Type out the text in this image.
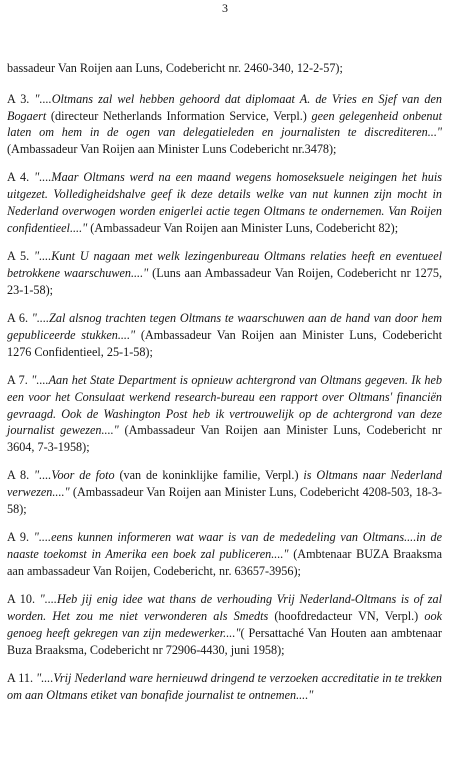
3

bassadeur Van Roijen aan Luns, Codebericht nr. 2460-340, 12-2-57);

A 3. "....Oltmans zal wel hebben gehoord dat diplomaat A. de Vries en Sjef van den Bogaert (directeur Netherlands Information Service, Verpl.) geen gelegenheid onbenut laten om hem in de ogen van delegatieleden en journalisten te discrediteren..." (Ambassadeur Van Roijen aan Minister Luns Codebericht nr.3478);

A 4. "....Maar Oltmans werd na een maand wegens homoseksuele neigingen het huis uitgezet. Volledigheidshalve geef ik deze details welke van nut kunnen zijn mocht in Nederland overwogen worden enigerlei actie tegen Oltmans te ondernemen. Van Roijen confidentieel...." (Ambassadeur Van Roijen aan Minister Luns, Codebericht 82);

A 5. "....Kunt U nagaan met welk lezingenbureau Oltmans relaties heeft en eventueel betrokkene waarschuwen...." (Luns aan Ambassadeur Van Roijen, Codebericht nr 1275, 23-1-58);

A 6. "....Zal alsnog trachten tegen Oltmans te waarschuwen aan de hand van door hem gepubliceerde stukken...." (Ambassadeur Van Roijen aan Minister Luns, Codebericht 1276 Confidentieel, 25-1-58);

A 7. "....Aan het State Department is opnieuw achtergrond van Oltmans gegeven. Ik heb een voor het Consulaat werkend research-bureau een rapport over Oltmans' financiën gevraagd. Ook de Washington Post heb ik vertrouwelijk op de achtergrond van deze journalist gewezen...." (Ambassadeur Van Roijen aan Minister Luns, Codebericht nr 3604, 7-3-1958);

A 8. "....Voor de foto (van de koninklijke familie, Verpl.) is Oltmans naar Nederland verwezen...." (Ambassadeur Van Roijen aan Minister Luns, Codebericht 4208-503, 18-3-58);

A 9. "....eens kunnen informeren wat waar is van de mededeling van Oltmans....in de naaste toekomst in Amerika een boek zal publiceren...." (Ambtenaar BUZA Braaksma aan ambassadeur Van Roijen, Codebericht, nr. 63657-3956);

A 10. "....Heb jij enig idee wat thans de verhouding Vrij Nederland-Oltmans is of zal worden. Het zou me niet verwonderen als Smedts (hoofdredacteur VN, Verpl.) ook genoeg heeft gekregen van zijn medewerker...."( Persattaché Van Houten aan ambtenaar Buza Braaksma, Codebericht nr 72906-4430, juni 1958);

A 11. "....Vrij Nederland ware hernieuwd dringend te verzoeken accreditatie in te trekken om aan Oltmans etiket van bonafide journalist te ontnemen...."
